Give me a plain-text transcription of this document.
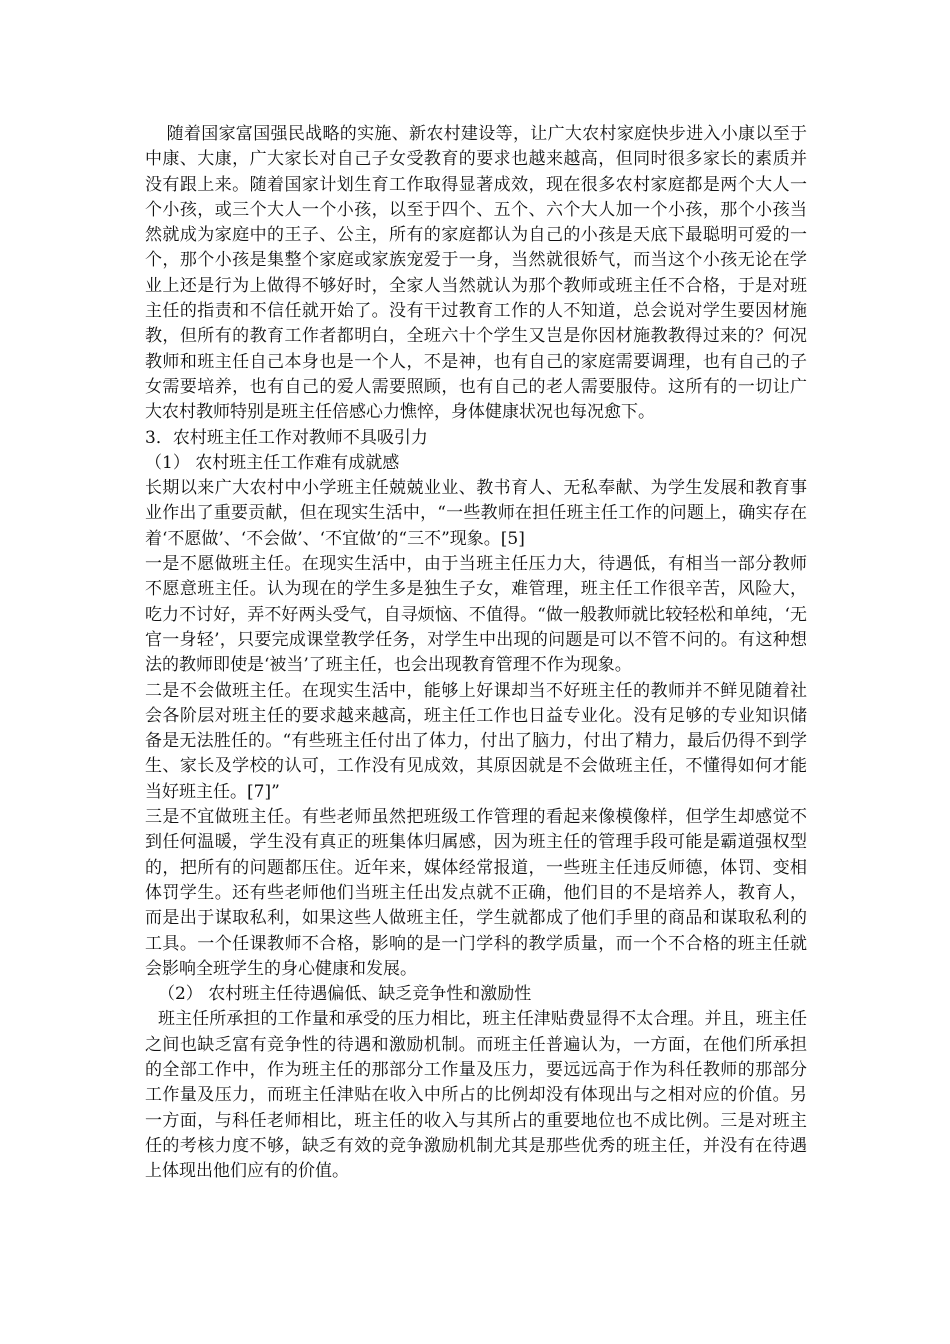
随着国家富国强民战略的实施、新农村建设等，让广大农村家庭快步进入小康以至于中康、大康，广大家长对自己子女受教育的要求也越来越高，但同时很多家长的素质并没有跟上来。随着国家计划生育工作取得显著成效，现在很多农村家庭都是两个大人一个小孩，或三个大人一个小孩，以至于四个、五个、六个大人加一个小孩，那个小孩当然就成为家庭中的王子、公主，所有的家庭都认为自己的小孩是天底下最聪明可爱的一个，那个小孩是集整个家庭或家族宠爱于一身，当然就很娇气，而当这个小孩无论在学业上还是行为上做得不够好时，全家人当然就认为那个教师或班主任不合格，于是对班主任的指责和不信任就开始了。没有干过教育工作的人不知道，总会说对学生要因材施教，但所有的教育工作者都明白，全班六十个学生又岂是你因材施教教得过来的？何况教师和班主任自己本身也是一个人，不是神，也有自己的家庭需要调理，也有自己的子女需要培养，也有自己的爱人需要照顾，也有自己的老人需要服侍。这所有的一切让广大农村教师特别是班主任倍感心力憔悴，身体健康状况也每况愈下。

3．农村班主任工作对教师不具吸引力

（1） 农村班主任工作难有成就感

长期以来广大农村中小学班主任兢兢业业、教书育人、无私奉献、为学生发展和教育事业作出了重要贡献，但在现实生活中，“一些教师在担任班主任工作的问题上，确实存在着‘不愿做’、‘不会做’、‘不宜做’的“三不”现象。[5]

一是不愿做班主任。在现实生活中，由于当班主任压力大，待遇低，有相当一部分教师不愿意班主任。认为现在的学生多是独生子女，难管理，班主任工作很辛苦，风险大，吃力不讨好，弄不好两头受气，自寻烦恼、不值得。“做一般教师就比较轻松和单纯，‘无官一身轻’，只要完成课堂教学任务，对学生中出现的问题是可以不管不问的。有这种想法的教师即使是‘被当’了班主任，也会出现教育管理不作为现象。

二是不会做班主任。在现实生活中，能够上好课却当不好班主任的教师并不鲜见随着社会各阶层对班主任的要求越来越高，班主任工作也日益专业化。没有足够的专业知识储备是无法胜任的。“有些班主任付出了体力，付出了脑力，付出了精力，最后仍得不到学生、家长及学校的认可，工作没有见成效，其原因就是不会做班主任，不懂得如何才能当好班主任。[7]”

三是不宜做班主任。有些老师虽然把班级工作管理的看起来像模像样，但学生却感觉不到任何温暖，学生没有真正的班集体归属感，因为班主任的管理手段可能是霸道强权型的，把所有的问题都压住。近年来，媒体经常报道，一些班主任违反师德，体罚、变相体罚学生。还有些老师他们当班主任出发点就不正确，他们目的不是培养人，教育人，而是出于谋取私利，如果这些人做班主任，学生就都成了他们手里的商品和谋取私利的工具。一个任课教师不合格，影响的是一门学科的教学质量，而一个不合格的班主任就会影响全班学生的身心健康和发展。

（2） 农村班主任待遇偏低、缺乏竞争性和激励性

班主任所承担的工作量和承受的压力相比，班主任津贴费显得不太合理。并且，班主任之间也缺乏富有竞争性的待遇和激励机制。而班主任普遍认为，一方面，在他们所承担的全部工作中，作为班主任的那部分工作量及压力，要远远高于作为科任教师的那部分工作量及压力，而班主任津贴在收入中所占的比例却没有体现出与之相对应的价值。另一方面，与科任老师相比，班主任的收入与其所占的重要地位也不成比例。三是对班主任的考核力度不够，缺乏有效的竞争激励机制尤其是那些优秀的班主任，并没有在待遇上体现出他们应有的价值。
